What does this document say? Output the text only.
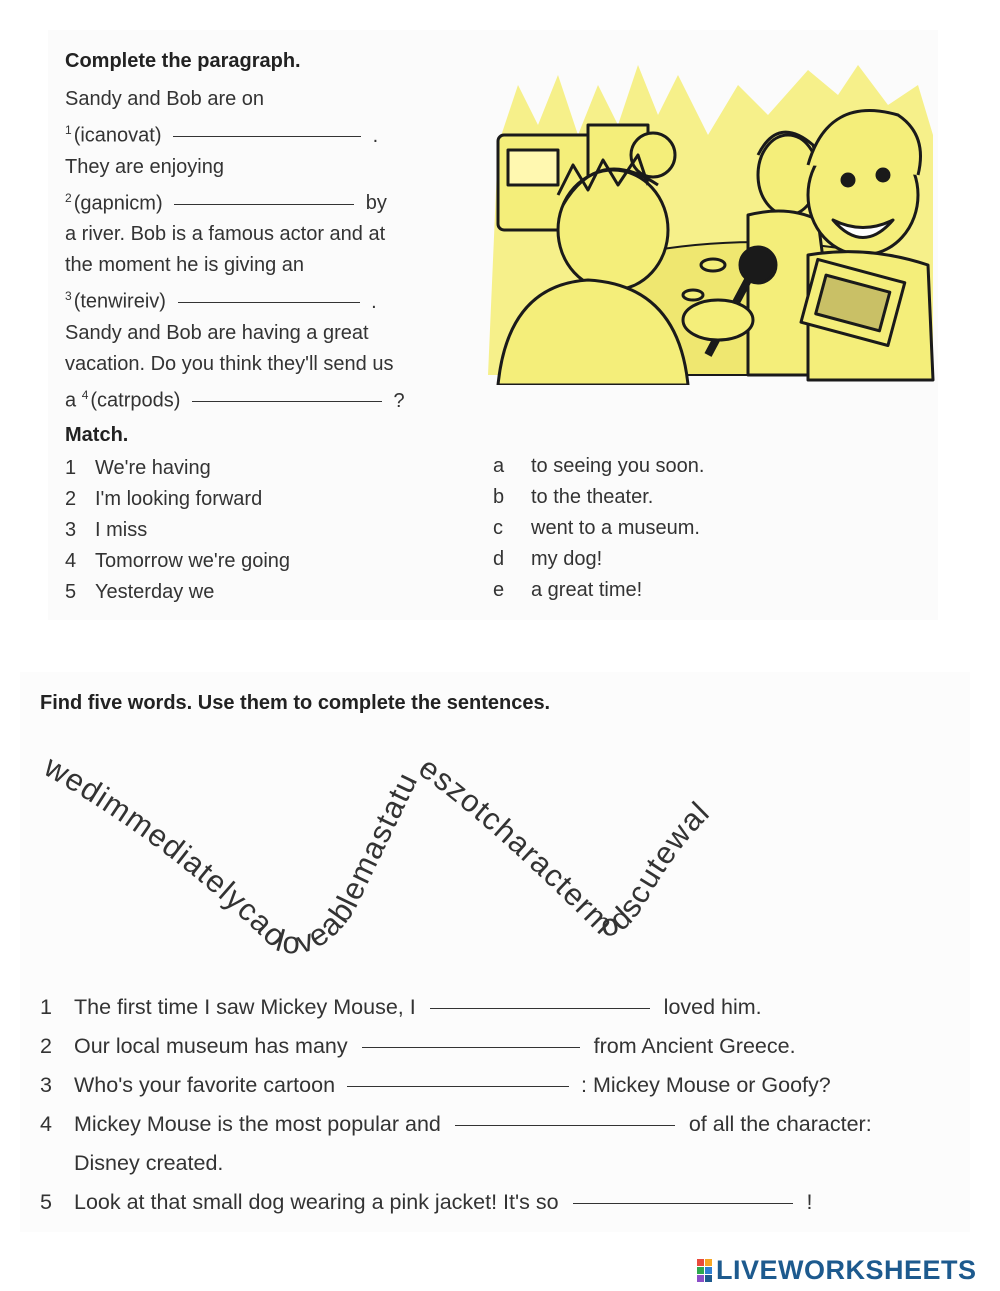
Complete the paragraph.
Sandy and Bob are on
$^1$ (icanovat)	.
They are enjoying
$^2$ (gapnicm)	by
a river. Bob is a famous actor and at
the moment he is giving an
$^3$ (tenwireiv)	.
Sandy and Bob are having a great
vacation. Do you think they'll send us
a $^4$ (catrpods)	?
Match.
1 We're having
2 I'm looking forward
3 I miss
4 Tomorrow we're going
5 Yesterday we
a to seeing you soon.
b to the theater.
c went to a museum.
d my dog!
e a great time!
Find five words. Use them to complete the sentences.
wedimmediatelycaoloveablemastatueszotcharactermodscutewal
1 The first time I saw Mickey Mouse, I	loved him.
2 Our local museum has many	from Ancient Greece.
3 Who's your favorite cartoon	: Mickey Mouse or Goofy?
4 Mickey Mouse is the most popular and	of all the character:
Disney created.
5 Look at that small dog wearing a pink jacket! It's so	!
LIVEWORKSHEETS
